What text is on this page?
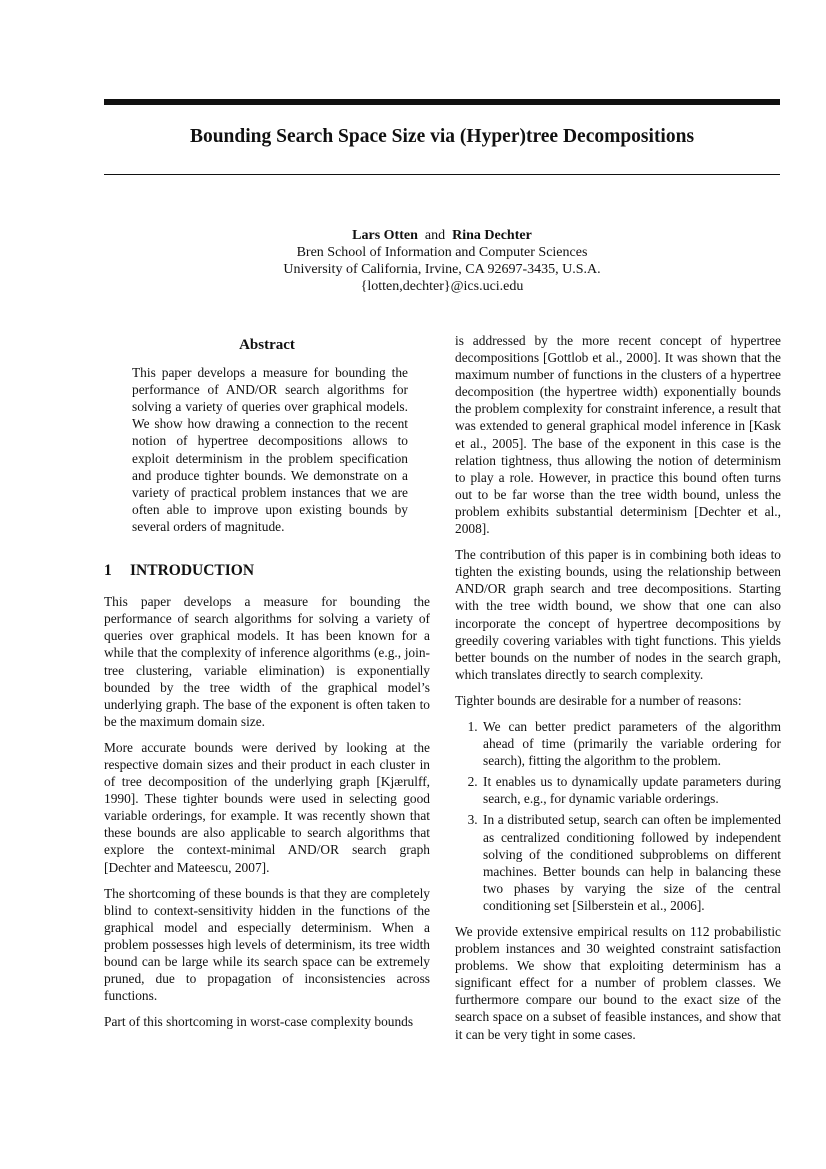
Bounding Search Space Size via (Hyper)tree Decompositions
Lars Otten and Rina Dechter
Bren School of Information and Computer Sciences
University of California, Irvine, CA 92697-3435, U.S.A.
{lotten,dechter}@ics.uci.edu
Abstract

This paper develops a measure for bounding the performance of AND/OR search algorithms for solving a variety of queries over graphical models. We show how drawing a connection to the recent notion of hypertree decompositions allows to exploit determinism in the problem specification and produce tighter bounds. We demonstrate on a variety of practical problem instances that we are often able to improve upon existing bounds by several orders of magnitude.

1	INTRODUCTION

This paper develops a measure for bounding the performance of search algorithms for solving a variety of queries over graphical models. It has been known for a while that the complexity of inference algorithms (e.g., join-tree clustering, variable elimination) is exponentially bounded by the tree width of the graphical model’s underlying graph. The base of the exponent is often taken to be the maximum domain size.

More accurate bounds were derived by looking at the respective domain sizes and their product in each cluster in of tree decomposition of the underlying graph [Kjærulff, 1990]. These tighter bounds were used in selecting good variable orderings, for example. It was recently shown that these bounds are also applicable to search algorithms that explore the context-minimal AND/OR search graph [Dechter and Mateescu, 2007].

The shortcoming of these bounds is that they are completely blind to context-sensitivity hidden in the functions of the graphical model and especially determinism. When a problem possesses high levels of determinism, its tree width bound can be large while its search space can be extremely pruned, due to propagation of inconsistencies across functions.

Part of this shortcoming in worst-case complexity bounds

is addressed by the more recent concept of hypertree decompositions [Gottlob et al., 2000]. It was shown that the maximum number of functions in the clusters of a hypertree decomposition (the hypertree width) exponentially bounds the problem complexity for constraint inference, a result that was extended to general graphical model inference in [Kask et al., 2005]. The base of the exponent in this case is the relation tightness, thus allowing the notion of determinism to play a role. However, in practice this bound often turns out to be far worse than the tree width bound, unless the problem exhibits substantial determinism [Dechter et al., 2008].

The contribution of this paper is in combining both ideas to tighten the existing bounds, using the relationship between AND/OR graph search and tree decompositions. Starting with the tree width bound, we show that one can also incorporate the concept of hypertree decompositions by greedily covering variables with tight functions. This yields better bounds on the number of nodes in the search graph, which translates directly to search complexity.

Tighter bounds are desirable for a number of reasons:

1. We can better predict parameters of the algorithm ahead of time (primarily the variable ordering for search), fitting the algorithm to the problem.
2. It enables us to dynamically update parameters during search, e.g., for dynamic variable orderings.
3. In a distributed setup, search can often be implemented as centralized conditioning followed by independent solving of the conditioned subproblems on different machines. Better bounds can help in balancing these two phases by varying the size of the central conditioning set [Silberstein et al., 2006].

We provide extensive empirical results on 112 probabilistic problem instances and 30 weighted constraint satisfaction problems. We show that exploiting determinism has a significant effect for a number of problem classes. We furthermore compare our bound to the exact size of the search space on a subset of feasible instances, and show that it can be very tight in some cases.
